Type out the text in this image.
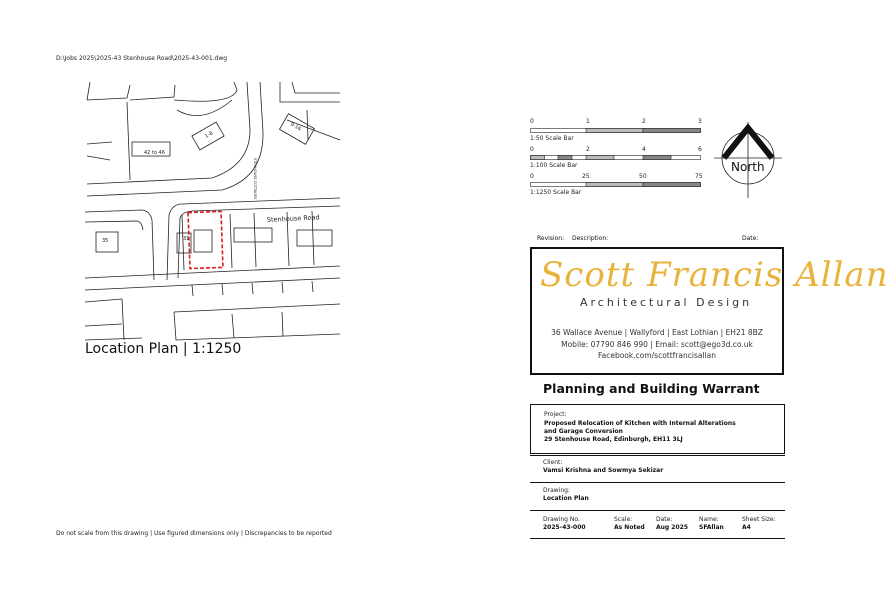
D:\Jobs 2025\2025-43 Stenhouse Road\2025-43-001.dwg
42 to 46
1-8
9-16
31
35
STENHOUSE COTTAGES
Stenhouse Road
Location Plan | 1:1250
0	1	2	3
1:50 Scale Bar
0	2	4	6
1:100 Scale Bar
0	25	50	75
1:1250 Scale Bar
North
Revision: Description:	Date:
Scott Francis Allan
Architectural Design
36 Wallace Avenue | Wallyford | East Lothian | EH21 8BZ
Mobile: 07790 846 990 | Email: scott@ego3d.co.uk
Facebook.com/scottfrancisallan
Planning and Building Warrant
Project:
Proposed Relocation of Kitchen with Internal Alterations
and Garage Conversion
29 Stenhouse Road, Edinburgh, EH11 3LJ
Client:
Vamsi Krishna and Sowmya Sekizar
Drawing:
Location Plan
Drawing No.
2025-43-000
Scale:
As Noted
Date:
Aug 2025
Name:
SFAllan
Sheet Size:
A4
Do not scale from this drawing | Use figured dimensions only | Discrepancies to be reported
